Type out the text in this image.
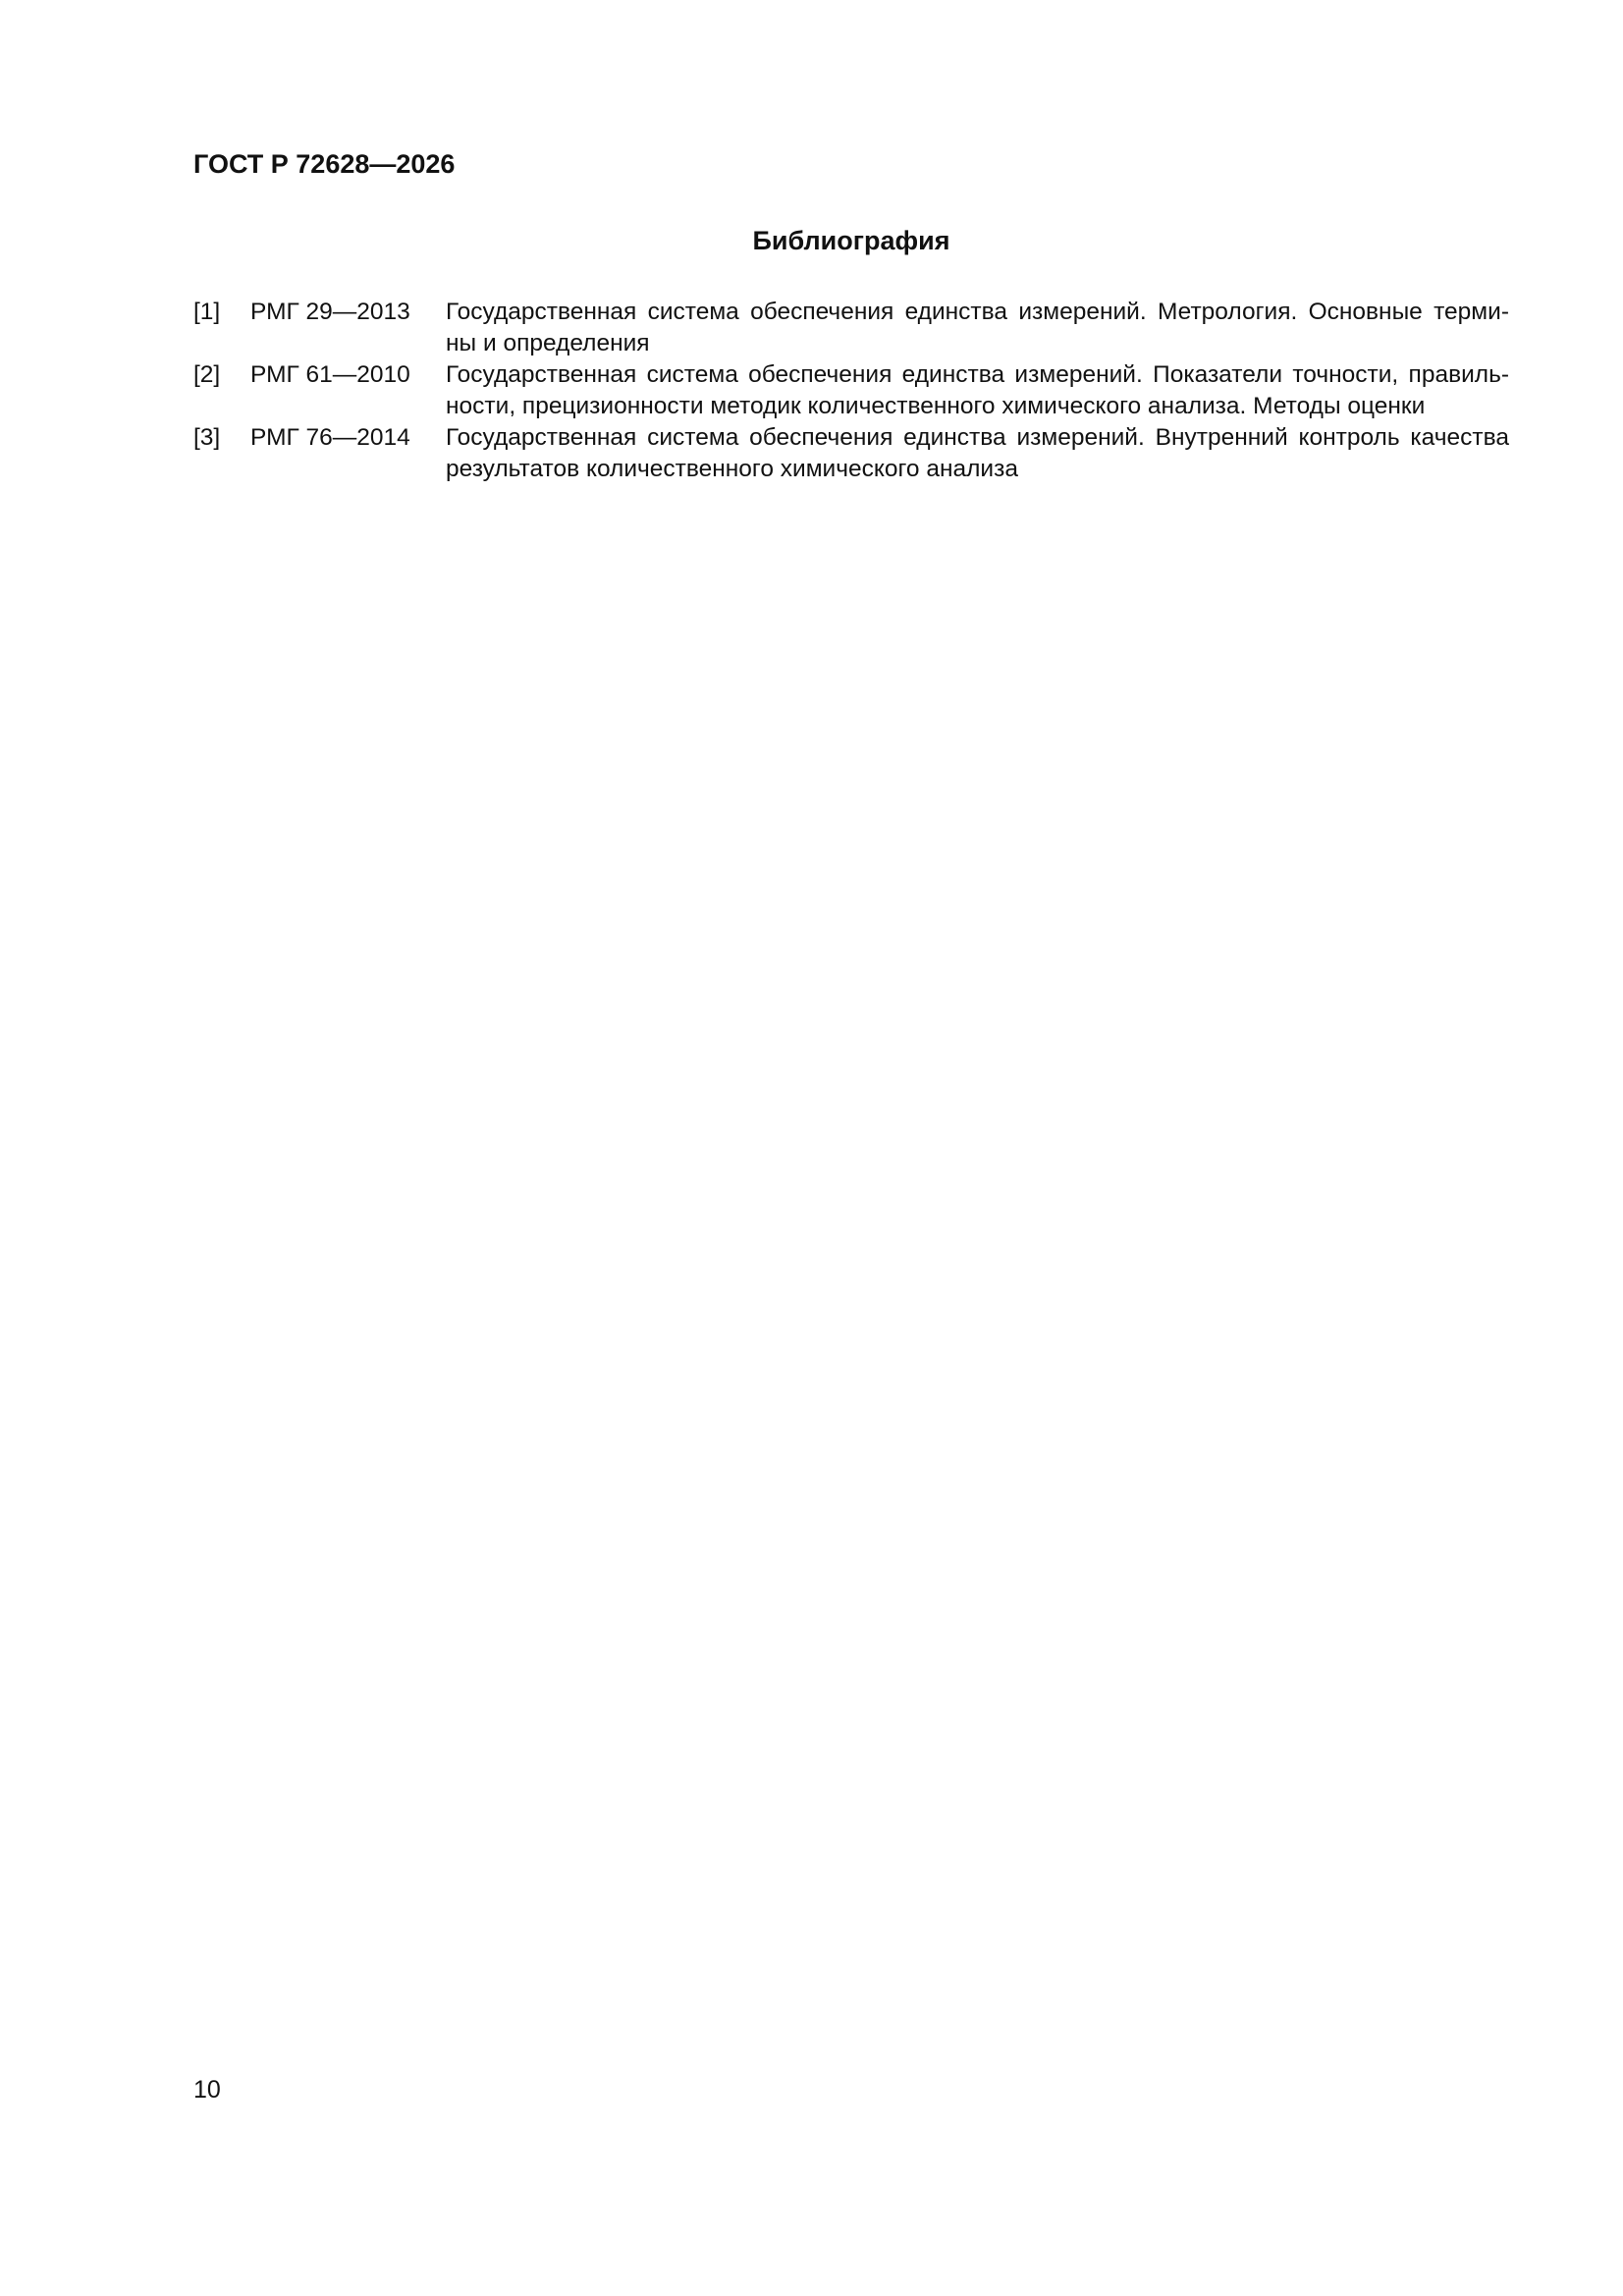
ГОСТ Р 72628—2026
Библиография
[1] РМГ 29—2013 Государственная система обеспечения единства измерений. Метрология. Основные терми-
ны и определения
[2] РМГ 61—2010 Государственная система обеспечения единства измерений. Показатели точности, правиль-
ности, прецизионности методик количественного химического анализа. Методы оценки
[3] РМГ 76—2014 Государственная система обеспечения единства измерений. Внутренний контроль качества
результатов количественного химического анализа
10
